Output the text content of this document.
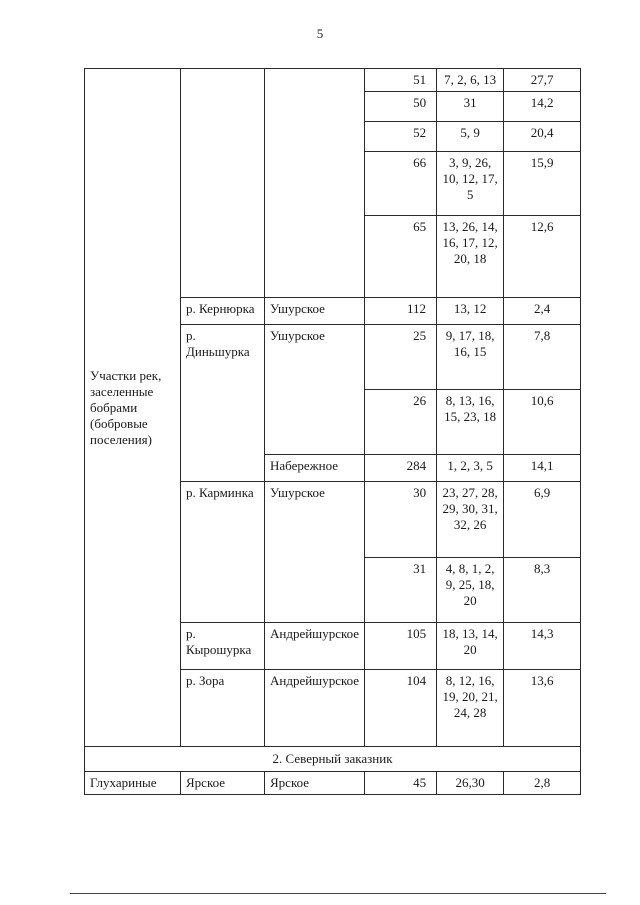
5
Участки рек, заселенные бобрами (бобровые поселения)			51	7, 2, 6, 13	27,7
			50	31	14,2
			52	5, 9	20,4
			66	3, 9, 26, 10, 12, 17, 5	15,9
			65	13, 26, 14, 16, 17, 12, 20, 18	12,6
	р. Кернюрка	Ушурское	112	13, 12	2,4
	р. Диньшурка	Ушурское	25	9, 17, 18, 16, 15	7,8
			26	8, 13, 16, 15, 23, 18	10,6
		Набережное	284	1, 2, 3, 5	14,1
	р. Карминка	Ушурское	30	23, 27, 28, 29, 30, 31, 32, 26	6,9
			31	4, 8, 1, 2, 9, 25, 18, 20	8,3
	р. Кырошурка	Андрейшурское	105	18, 13, 14, 20	14,3
	р. Зора	Андрейшурское	104	8, 12, 16, 19, 20, 21, 24, 28	13,6
2. Северный заказник					
Глухариные	Ярское	Ярское	45	26,30	2,8
